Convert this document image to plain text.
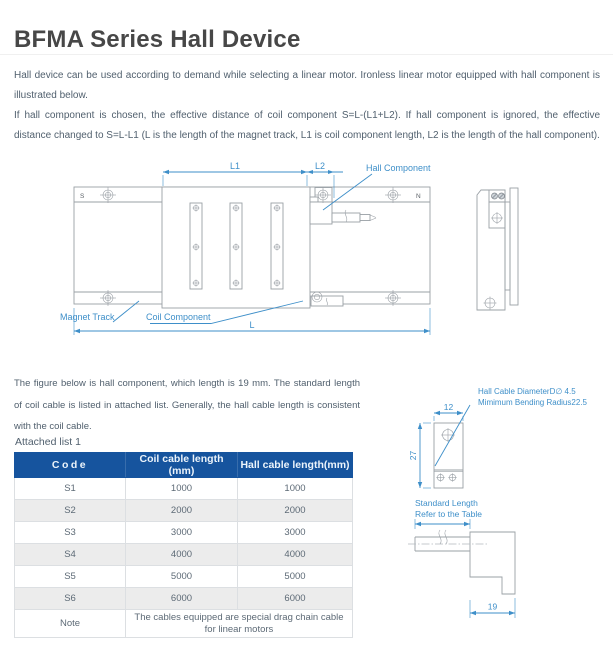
BFMA Series Hall Device

Hall device can be used according to demand while selecting a linear motor. Ironless linear motor equipped with hall component is illustrated below.

If hall component is chosen, the effective distance of coil component S=L-(L1+L2). If hall component is ignored, the effective distance changed to S=L-L1 (L is the length of the magnet track, L1 is coil component length, L2 is the length of the hall component).

S	N
L1	L2	Hall Component
L
Magnet Track	Coil Component
The figure below is hall component, which length is 19 mm. The standard length of coil cable is listed in attached list. Generally, the hall cable length is consistent with the coil cable.
Attached list 1
Code	Coil cable length (mm)	Hall cable length(mm)
S1	1000	1000
S2	2000	2000
S3	3000	3000
S4	4000	4000
S5	5000	5000
S6	6000	6000
Note	The cables equipped are special drag chain cable for linear motors	
Hall Cable DiameterD∅ 4.5
Mimimum Bending Radius22.5
12
27
Standard Length
Refer to the Table
19
